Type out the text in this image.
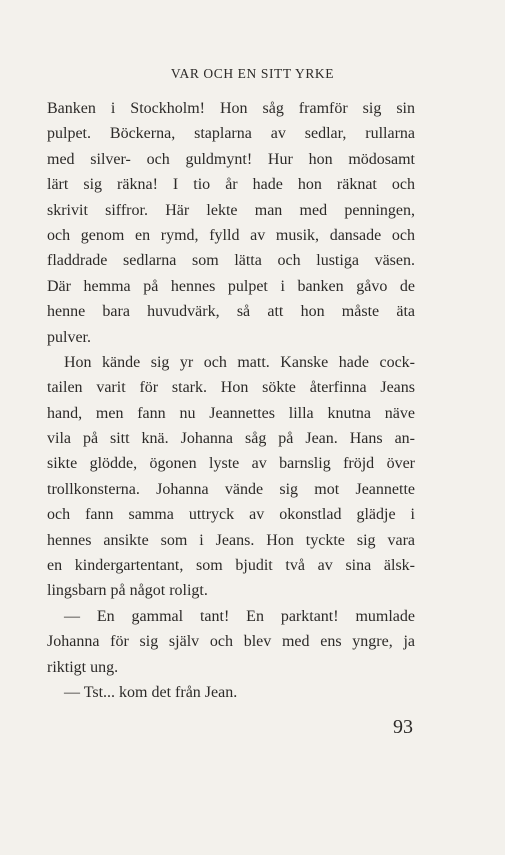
VAR OCH EN SITT YRKE
Banken i Stockholm! Hon såg framför sig sin
pulpet. Böckerna, staplarna av sedlar, rullarna
med silver- och guldmynt! Hur hon mödosamt
lärt sig räkna! I tio år hade hon räknat och
skrivit siffror. Här lekte man med penningen,
och genom en rymd, fylld av musik, dansade och
fladdrade sedlarna som lätta och lustiga väsen.
Där hemma på hennes pulpet i banken gåvo de
henne bara huvudvärk, så att hon måste äta
pulver.
Hon kände sig yr och matt. Kanske hade cock-
tailen varit för stark. Hon sökte återfinna Jeans
hand, men fann nu Jeannettes lilla knutna näve
vila på sitt knä. Johanna såg på Jean. Hans an-
sikte glödde, ögonen lyste av barnslig fröjd över
trollkonsterna. Johanna vände sig mot Jeannette
och fann samma uttryck av okonstlad glädje i
hennes ansikte som i Jeans. Hon tyckte sig vara
en kindergartentant, som bjudit två av sina älsk-
lingsbarn på något roligt.
— En gammal tant! En parktant! mumlade
Johanna för sig själv och blev med ens yngre, ja
riktigt ung.
— Tst... kom det från Jean.
93
